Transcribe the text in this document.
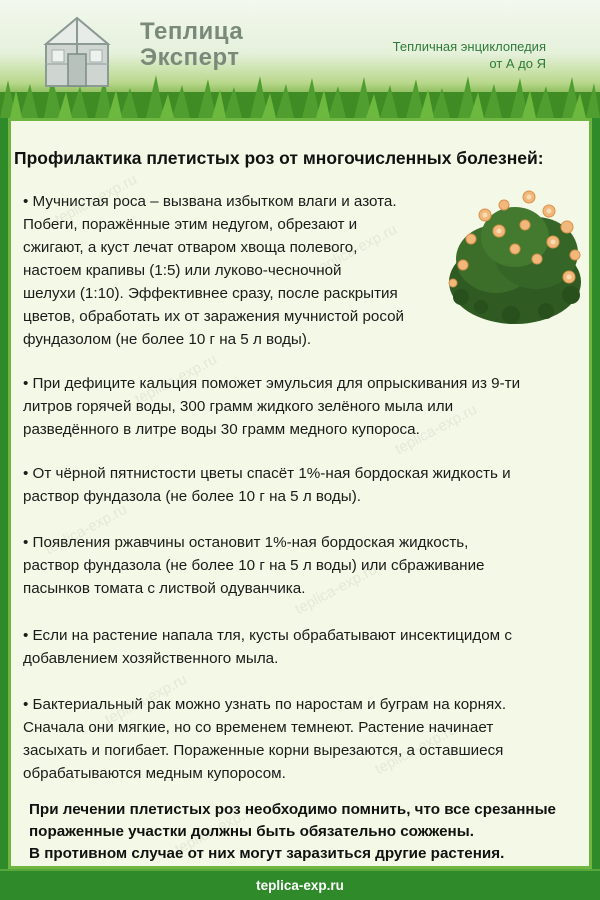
Теплица
Эксперт	Тепличная энциклопедия
от А до Я
teplica-exp.ru
teplica-exp.ru
teplica-exp.ru
teplica-exp.ru
teplica-exp.ru
teplica-exp.ru
teplica-exp.ru
teplica-exp.ru
teplica-exp.ru
Профилактика плетистых роз от многочисленных болезней:
• Мучнистая роса – вызвана избытком влаги и азота.
Побеги, поражённые этим недугом, обрезают и
сжигают, а куст лечат отваром хвоща полевого,
настоем крапивы (1:5) или луково-чесночной
шелухи (1:10). Эффективнее сразу, после раскрытия
цветов, обработать их от заражения мучнистой росой
фундазолом (не более 10 г на 5 л воды).
• При дефиците кальция поможет эмульсия для опрыскивания из 9-ти
литров горячей воды, 300 грамм жидкого зелёного мыла или
разведённого в литре воды 30 грамм медного купороса.
• От чёрной пятнистости цветы спасёт 1%-ная бордоская жидкость и
раствор фундазола (не более 10 г на 5 л воды).
• Появления ржавчины остановит 1%-ная бордоская жидкость,
раствор фундазола (не более 10 г на 5 л воды) или сбраживание
пасынков томата с листвой одуванчика.
• Если на растение напала тля, кусты обрабатывают инсектицидом с
добавлением хозяйственного мыла.
• Бактериальный рак можно узнать по наростам и буграм на корнях.
Сначала они мягкие, но со временем темнеют. Растение начинает
засыхать и погибает. Пораженные корни вырезаются, а оставшиеся
обрабатываются медным купоросом.
При лечении плетистых роз необходимо помнить, что все срезанные
пораженные участки должны быть обязательно сожжены.
В противном случае от них могут заразиться другие растения.
teplica-exp.ru
